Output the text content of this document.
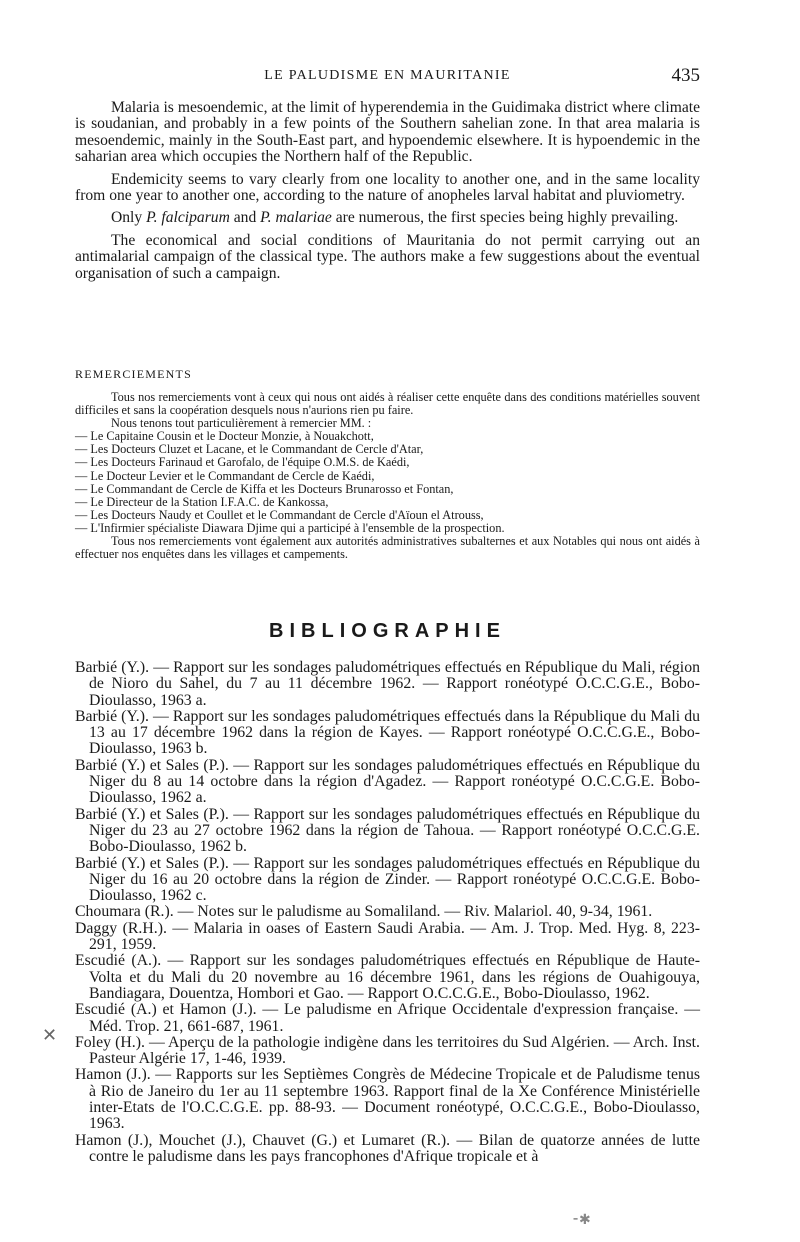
LE PALUDISME EN MAURITANIE	435

Malaria is mesoendemic, at the limit of hyperendemia in the Guidimaka district where climate is soudanian, and probably in a few points of the Southern sahelian zone. In that area malaria is mesoendemic, mainly in the South-East part, and hypoendemic elsewhere. It is hypoendemic in the saharian area which occupies the Northern half of the Republic.

Endemicity seems to vary clearly from one locality to another one, and in the same locality from one year to another one, according to the nature of anopheles larval habitat and pluviometry.

Only P. falciparum and P. malariae are numerous, the first species being highly prevailing.

The economical and social conditions of Mauritania do not permit carrying out an antimalarial campaign of the classical type. The authors make a few suggestions about the eventual organisation of such a campaign.

REMERCIEMENTS

Tous nos remerciements vont à ceux qui nous ont aidés à réaliser cette enquête dans des conditions matérielles souvent difficiles et sans la coopération desquels nous n'aurions rien pu faire.

Nous tenons tout particulièrement à remercier MM. :

— Le Capitaine Cousin et le Docteur Monzie, à Nouakchott,
— Les Docteurs Cluzet et Lacane, et le Commandant de Cercle d'Atar,
— Les Docteurs Farinaud et Garofalo, de l'équipe O.M.S. de Kaédi,
— Le Docteur Levier et le Commandant de Cercle de Kaédi,
— Le Commandant de Cercle de Kiffa et les Docteurs Brunarosso et Fontan,
— Le Directeur de la Station I.F.A.C. de Kankossa,
— Les Docteurs Naudy et Coullet et le Commandant de Cercle d'Aïoun el Atrouss,
— L'Infirmier spécialiste Diawara Djime qui a participé à l'ensemble de la prospection.

Tous nos remerciements vont également aux autorités administratives subalternes et aux Notables qui nous ont aidés à effectuer nos enquêtes dans les villages et campements.

BIBLIOGRAPHIE

Barbié (Y.). — Rapport sur les sondages paludométriques effectués en République du Mali, région de Nioro du Sahel, du 7 au 11 décembre 1962. — Rapport ronéotypé O.C.C.G.E., Bobo-Dioulasso, 1963 a.

Barbié (Y.). — Rapport sur les sondages paludométriques effectués dans la République du Mali du 13 au 17 décembre 1962 dans la région de Kayes. — Rapport ronéotypé O.C.C.G.E., Bobo-Dioulasso, 1963 b.

Barbié (Y.) et Sales (P.). — Rapport sur les sondages paludométriques effectués en République du Niger du 8 au 14 octobre dans la région d'Agadez. — Rapport ronéotypé O.C.C.G.E. Bobo-Dioulasso, 1962 a.

Barbié (Y.) et Sales (P.). — Rapport sur les sondages paludométriques effectués en République du Niger du 23 au 27 octobre 1962 dans la région de Tahoua. — Rapport ronéotypé O.C.C.G.E. Bobo-Dioulasso, 1962 b.

Barbié (Y.) et Sales (P.). — Rapport sur les sondages paludométriques effectués en République du Niger du 16 au 20 octobre dans la région de Zinder. — Rapport ronéotypé O.C.C.G.E. Bobo-Dioulasso, 1962 c.

Choumara (R.). — Notes sur le paludisme au Somaliland. — Riv. Malariol. 40, 9-34, 1961.

Daggy (R.H.). — Malaria in oases of Eastern Saudi Arabia. — Am. J. Trop. Med. Hyg. 8, 223-291, 1959.

Escudié (A.). — Rapport sur les sondages paludométriques effectués en République de Haute-Volta et du Mali du 20 novembre au 16 décembre 1961, dans les régions de Ouahigouya, Bandiagara, Douentza, Hombori et Gao. — Rapport O.C.C.G.E., Bobo-Dioulasso, 1962.

Escudié (A.) et Hamon (J.). — Le paludisme en Afrique Occidentale d'expression française. — Méd. Trop. 21, 661-687, 1961.

Foley (H.). — Aperçu de la pathologie indigène dans les territoires du Sud Algérien. — Arch. Inst. Pasteur Algérie 17, 1-46, 1939.

Hamon (J.). — Rapports sur les Septièmes Congrès de Médecine Tropicale et de Paludisme tenus à Rio de Janeiro du 1er au 11 septembre 1963. Rapport final de la Xe Conférence Ministérielle inter-Etats de l'O.C.C.G.E. pp. 88-93. — Document ronéotypé, O.C.C.G.E., Bobo-Dioulasso, 1963.

Hamon (J.), Mouchet (J.), Chauvet (G.) et Lumaret (R.). — Bilan de quatorze années de lutte contre le paludisme dans les pays francophones d'Afrique tropicale et à

✕
⁃✱
